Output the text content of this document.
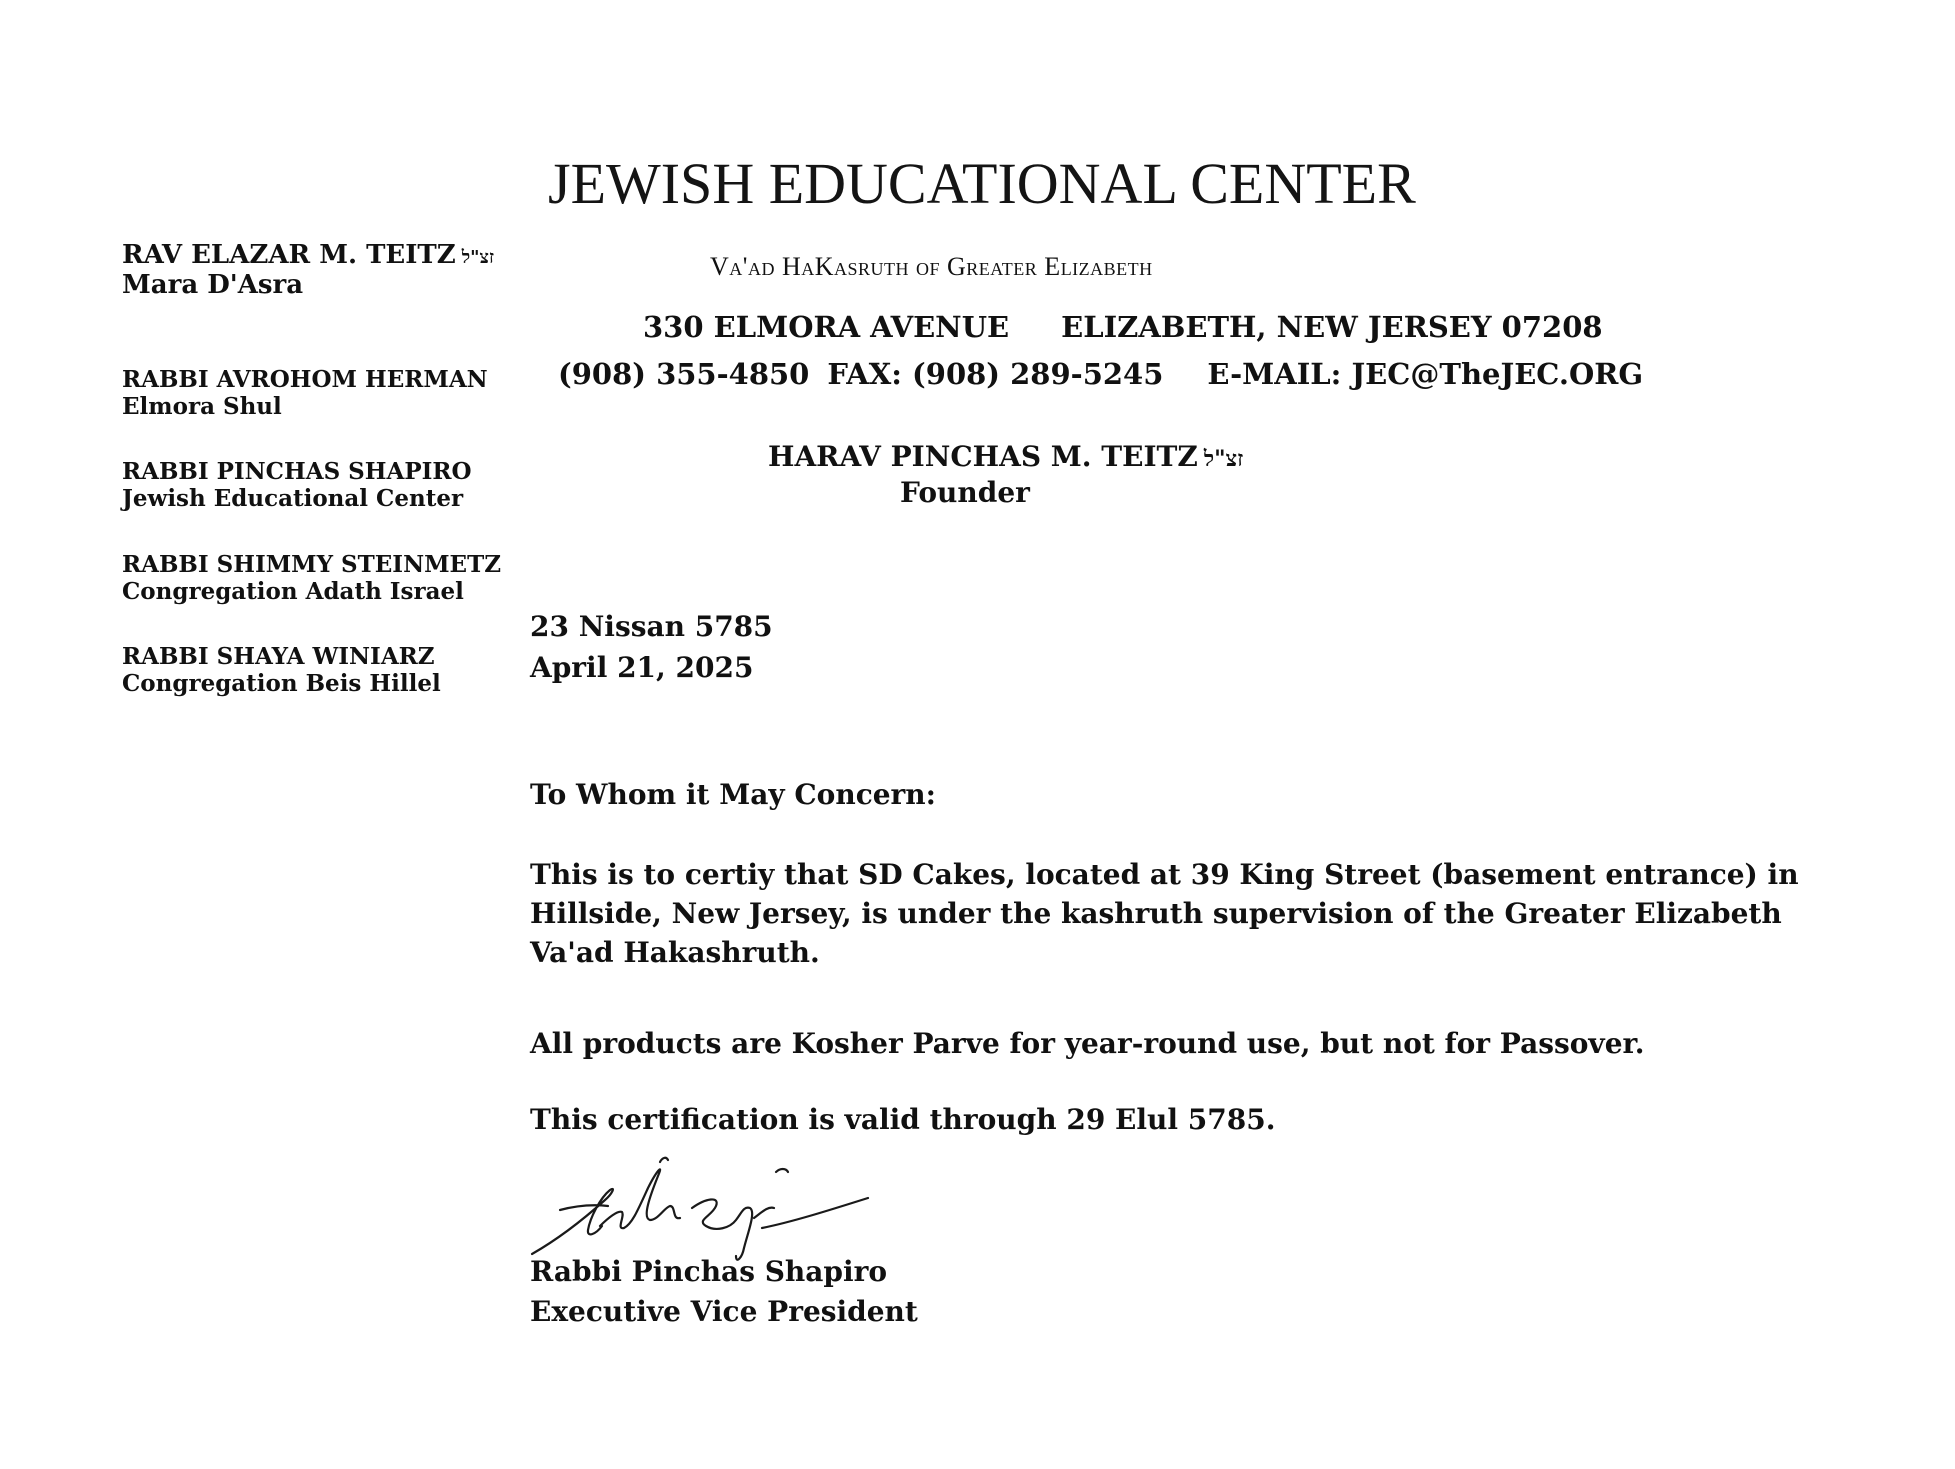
JEWISH EDUCATIONAL CENTER
Va'ad HaKasruth of Greater Elizabeth
330 ELMORA AVENUE ELIZABETH, NEW JERSEY 07208
(908) 355-4850 FAX: (908) 289-5245 E-MAIL: JEC@TheJEC.ORG
HARAV PINCHAS M. TEITZ זצ"ל
Founder
RAV ELAZAR M. TEITZ זצ"ל
Mara D'Asra
RABBI AVROHOM HERMAN
Elmora Shul
RABBI PINCHAS SHAPIRO
Jewish Educational Center
RABBI SHIMMY STEINMETZ
Congregation Adath Israel
RABBI SHAYA WINIARZ
Congregation Beis Hillel
23 Nissan 5785
April 21, 2025
To Whom it May Concern:
This is to certiy that SD Cakes, located at 39 King Street (basement entrance) in
Hillside, New Jersey, is under the kashruth supervision of the Greater Elizabeth
Va'ad Hakashruth.
All products are Kosher Parve for year-round use, but not for Passover.
This certification is valid through 29 Elul 5785.
Rabbi Pinchas Shapiro
Executive Vice President
